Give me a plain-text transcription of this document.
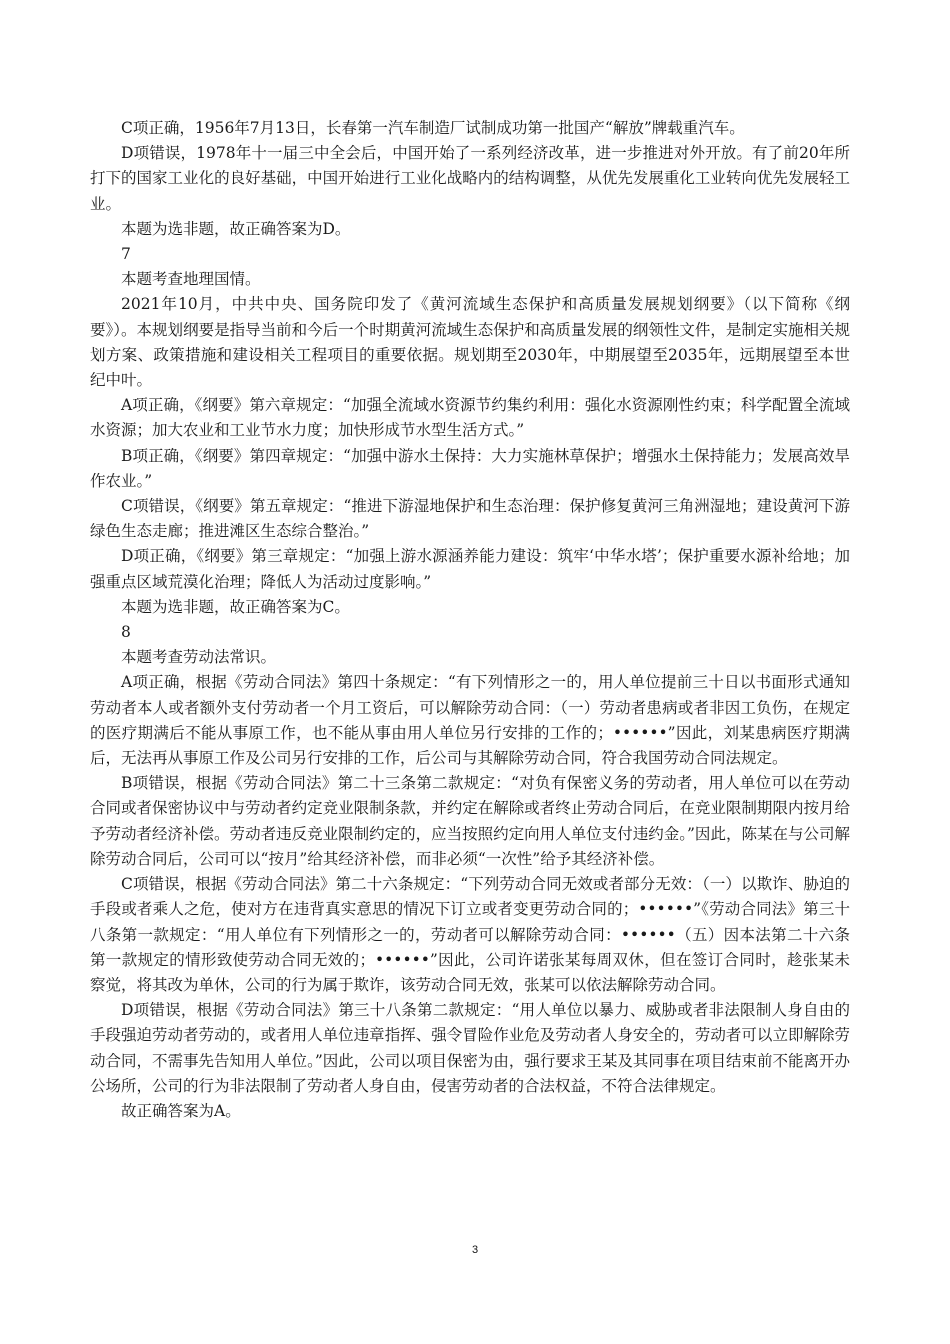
C项正确，1956年7月13日，长春第一汽车制造厂试制成功第一批国产“解放”牌载重汽车。

D项错误，1978年十一届三中全会后，中国开始了一系列经济改革，进一步推进对外开放。有了前20年所打下的国家工业化的良好基础，中国开始进行工业化战略内的结构调整，从优先发展重化工业转向优先发展轻工业。

本题为选非题，故正确答案为D。

7

本题考查地理国情。

2021年10月，中共中央、国务院印发了《黄河流域生态保护和高质量发展规划纲要》（以下简称《纲要》）。本规划纲要是指导当前和今后一个时期黄河流域生态保护和高质量发展的纲领性文件，是制定实施相关规划方案、政策措施和建设相关工程项目的重要依据。规划期至2030年，中期展望至2035年，远期展望至本世纪中叶。

A项正确，《纲要》第六章规定：“加强全流域水资源节约集约利用：强化水资源刚性约束；科学配置全流域水资源；加大农业和工业节水力度；加快形成节水型生活方式。”

B项正确，《纲要》第四章规定：“加强中游水土保持：大力实施林草保护；增强水土保持能力；发展高效旱作农业。”

C项错误，《纲要》第五章规定：“推进下游湿地保护和生态治理：保护修复黄河三角洲湿地；建设黄河下游绿色生态走廊；推进滩区生态综合整治。”

D项正确，《纲要》第三章规定：“加强上游水源涵养能力建设：筑牢‘中华水塔’；保护重要水源补给地；加强重点区域荒漠化治理；降低人为活动过度影响。”

本题为选非题，故正确答案为C。

8

本题考查劳动法常识。

A项正确，根据《劳动合同法》第四十条规定：“有下列情形之一的，用人单位提前三十日以书面形式通知劳动者本人或者额外支付劳动者一个月工资后，可以解除劳动合同：（一）劳动者患病或者非因工负伤，在规定的医疗期满后不能从事原工作，也不能从事由用人单位另行安排的工作的；••••••”因此，刘某患病医疗期满后，无法再从事原工作及公司另行安排的工作，后公司与其解除劳动合同，符合我国劳动合同法规定。

B项错误，根据《劳动合同法》第二十三条第二款规定：“对负有保密义务的劳动者，用人单位可以在劳动合同或者保密协议中与劳动者约定竞业限制条款，并约定在解除或者终止劳动合同后，在竞业限制期限内按月给予劳动者经济补偿。劳动者违反竞业限制约定的，应当按照约定向用人单位支付违约金。”因此，陈某在与公司解除劳动合同后，公司可以“按月”给其经济补偿，而非必须“一次性”给予其经济补偿。

C项错误，根据《劳动合同法》第二十六条规定：“下列劳动合同无效或者部分无效：（一）以欺诈、胁迫的手段或者乘人之危，使对方在违背真实意思的情况下订立或者变更劳动合同的；••••••”《劳动合同法》第三十八条第一款规定：“用人单位有下列情形之一的，劳动者可以解除劳动合同：••••••（五）因本法第二十六条第一款规定的情形致使劳动合同无效的；••••••”因此，公司许诺张某每周双休，但在签订合同时，趁张某未察觉，将其改为单休，公司的行为属于欺诈，该劳动合同无效，张某可以依法解除劳动合同。

D项错误，根据《劳动合同法》第三十八条第二款规定：“用人单位以暴力、威胁或者非法限制人身自由的手段强迫劳动者劳动的，或者用人单位违章指挥、强令冒险作业危及劳动者人身安全的，劳动者可以立即解除劳动合同，不需事先告知用人单位。”因此，公司以项目保密为由，强行要求王某及其同事在项目结束前不能离开办公场所，公司的行为非法限制了劳动者人身自由，侵害劳动者的合法权益，不符合法律规定。

故正确答案为A。

3
